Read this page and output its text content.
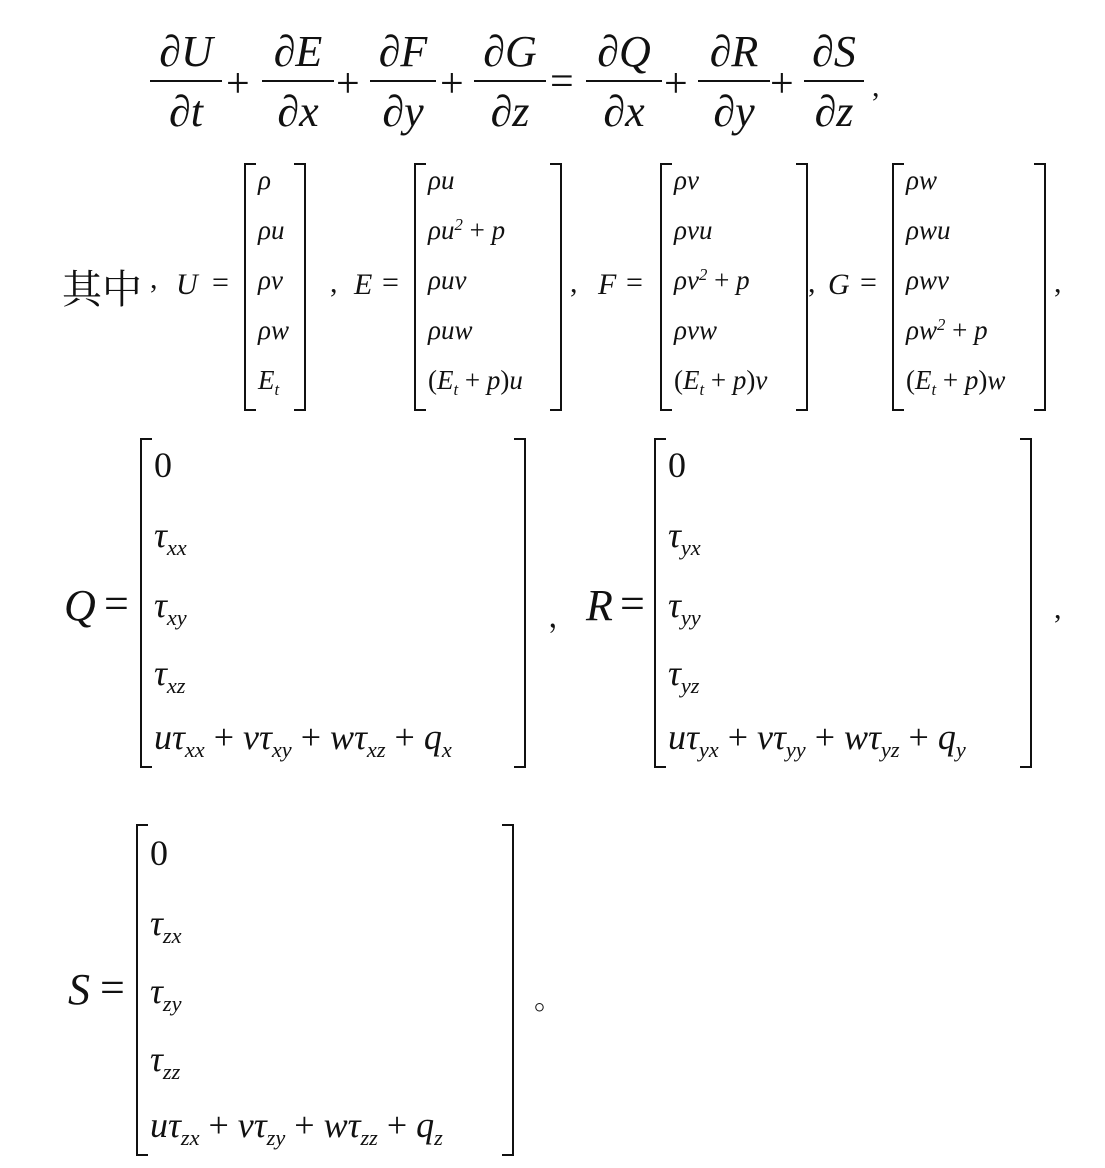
∂U
∂t
+
∂E
∂x
+
∂F
∂y
+
∂G
∂z
=
∂Q
∂x
+
∂R
∂y
+
∂S
∂z
,
其中 , U =
ρ
ρu
ρv
ρw
$E_t$
, E =
ρu
$\rho u^2 + p$
ρuv
ρuw
$(E_t + p)u$
, F =
ρv
ρvu
$\rho v^2 + p$
ρvw
$(E_t + p)v$
, G =
ρw
ρwu
ρwv
$\rho w^2 + p$
$(E_t + p)w$
,
Q =
0
$\tau_{xx}$
$\tau_{xy}$
$\tau_{xz}$
$u\tau_{xx} + v\tau_{xy} + w\tau_{xz} + q_x$
， R =
0
$\tau_{yx}$
$\tau_{yy}$
$\tau_{yz}$
$u\tau_{yx} + v\tau_{yy} + w\tau_{yz} + q_y$
,
S =
0
$\tau_{zx}$
$\tau_{zy}$
$\tau_{zz}$
$u\tau_{zx} + v\tau_{zy} + w\tau_{zz} + q_z$
。
